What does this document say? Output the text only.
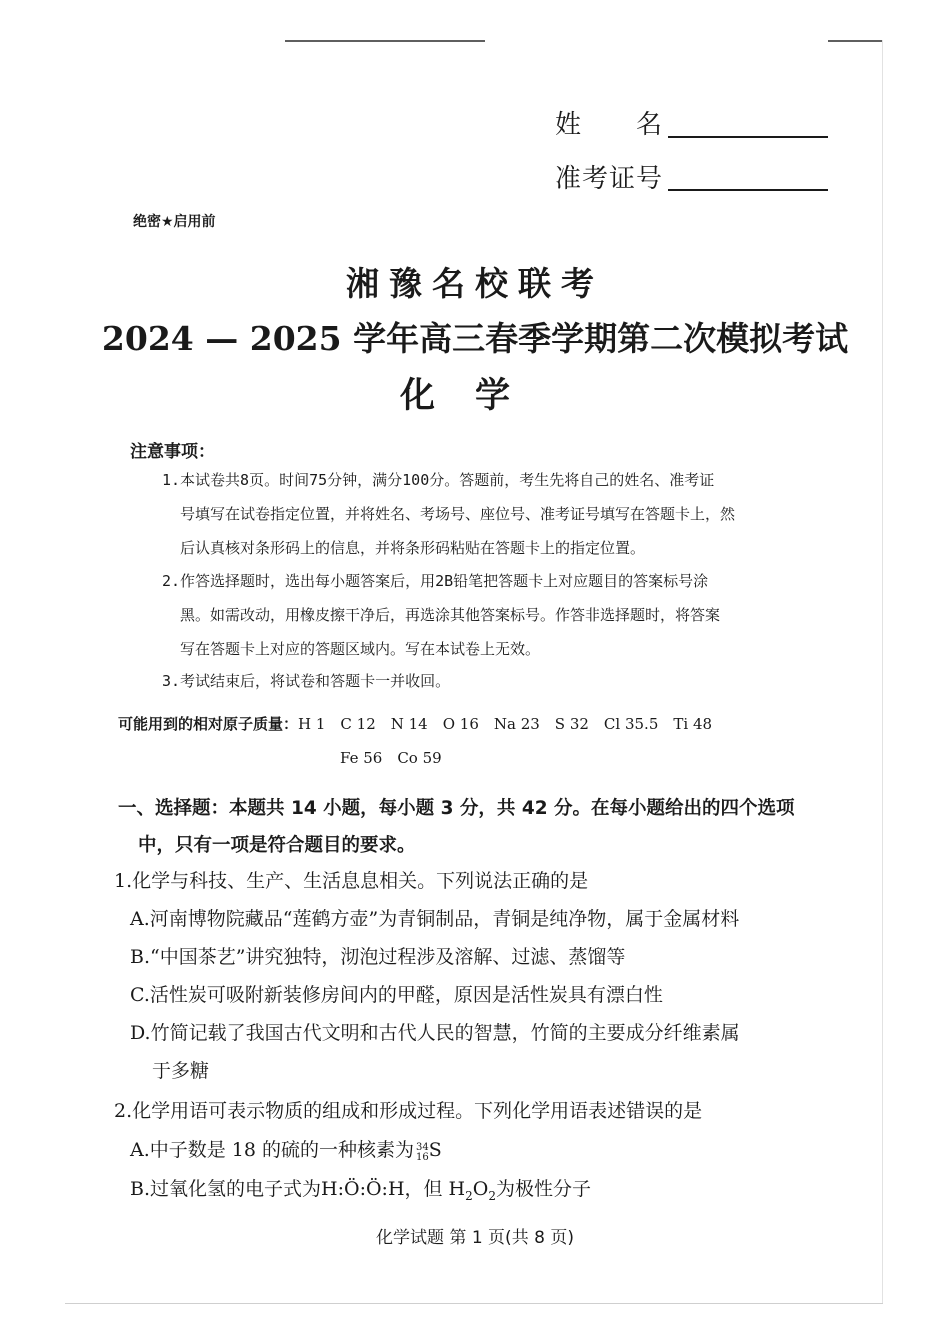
姓　　名
准考证号
绝密★启用前
湘豫名校联考
2024 — 2025 学年高三春季学期第二次模拟考试
化学
注意事项：
1.本试卷共8页。时间75分钟，满分100分。答题前，考生先将自己的姓名、准考证
号填写在试卷指定位置，并将姓名、考场号、座位号、准考证号填写在答题卡上，然
后认真核对条形码上的信息，并将条形码粘贴在答题卡上的指定位置。
2.作答选择题时，选出每小题答案后，用2B铅笔把答题卡上对应题目的答案标号涂
黑。如需改动，用橡皮擦干净后，再选涂其他答案标号。作答非选择题时，将答案
写在答题卡上对应的答题区域内。写在本试卷上无效。
3.考试结束后，将试卷和答题卡一并收回。
可能用到的相对原子质量：H 1　C 12　N 14　O 16　Na 23　S 32　Cl 35.5　Ti 48
Fe 56　Co 59
一、选择题：本题共 14 小题，每小题 3 分，共 42 分。在每小题给出的四个选项
中，只有一项是符合题目的要求。
1.化学与科技、生产、生活息息相关。下列说法正确的是
A.河南博物院藏品“莲鹤方壶”为青铜制品，青铜是纯净物，属于金属材料
B.“中国茶艺”讲究独特，沏泡过程涉及溶解、过滤、蒸馏等
C.活性炭可吸附新装修房间内的甲醛，原因是活性炭具有漂白性
D.竹简记载了我国古代文明和古代人民的智慧，竹简的主要成分纤维素属
于多糖
2.化学用语可表示物质的组成和形成过程。下列化学用语表述错误的是
A.中子数是 18 的硫的一种核素为 34
16 S
B.过氧化氢的电子式为H:Ö:Ö:H，但 $H_2O_2$为极性分子
化学试题 第 1 页(共 8 页)
